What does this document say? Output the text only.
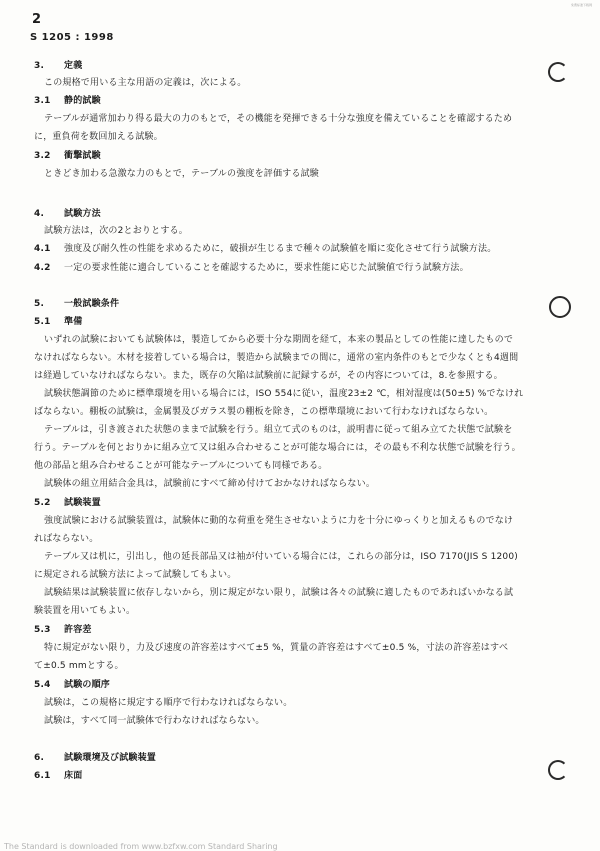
2
S 1205 : 1998
免费标准下载网
3. 定義
この規格で用いる主な用語の定義は，次による。
3.1 静的試験
テーブルが通常加わり得る最大の力のもとで，その機能を発揮できる十分な強度を備えていることを確認するため
に，重負荷を数回加える試験。
3.2 衝撃試験
ときどき加わる急激な力のもとで，テーブルの強度を評価する試験
4. 試験方法
試験方法は，次の2とおりとする。
4.1 強度及び耐久性の性能を求めるために，破損が生じるまで種々の試験値を順に変化させて行う試験方法。
4.2 一定の要求性能に適合していることを確認するために，要求性能に応じた試験値で行う試験方法。
5. 一般試験条件
5.1 準備
いずれの試験においても試験体は，製造してから必要十分な期間を経て，本来の製品としての性能に達したもので
なければならない。木材を接着している場合は，製造から試験までの間に，通常の室内条件のもとで少なくとも4週間
は経過していなければならない。また，既存の欠陥は試験前に記録するが，その内容については，8.を参照する。
試験状態調節のために標準環境を用いる場合には，ISO 554に従い，温度23±2 ℃，相対湿度は(50±5) %でなけれ
ばならない。棚板の試験は，金属製及びガラス製の棚板を除き，この標準環境において行わなければならない。
テーブルは，引き渡された状態のままで試験を行う。組立て式のものは，説明書に従って組み立てた状態で試験を
行う。テーブルを何とおりかに組み立て又は組み合わせることが可能な場合には，その最も不利な状態で試験を行う。
他の部品と組み合わせることが可能なテーブルについても同様である。
試験体の組立用結合金具は，試験前にすべて締め付けておかなければならない。
5.2 試験装置
強度試験における試験装置は，試験体に動的な荷重を発生させないように力を十分にゆっくりと加えるものでなけ
ればならない。
テーブル又は机に，引出し，他の延長部品又は袖が付いている場合には，これらの部分は，ISO 7170(JIS S 1200)
に規定される試験方法によって試験してもよい。
試験結果は試験装置に依存しないから，別に規定がない限り，試験は各々の試験に適したものであればいかなる試
験装置を用いてもよい。
5.3 許容差
特に規定がない限り，力及び速度の許容差はすべて±5 %，質量の許容差はすべて±0.5 %，寸法の許容差はすべ
て±0.5 mmとする。
5.4 試験の順序
試験は，この規格に規定する順序で行わなければならない。
試験は，すべて同一試験体で行わなければならない。
6. 試験環境及び試験装置
6.1 床面
The Standard is downloaded from www.bzfxw.com Standard Sharing
